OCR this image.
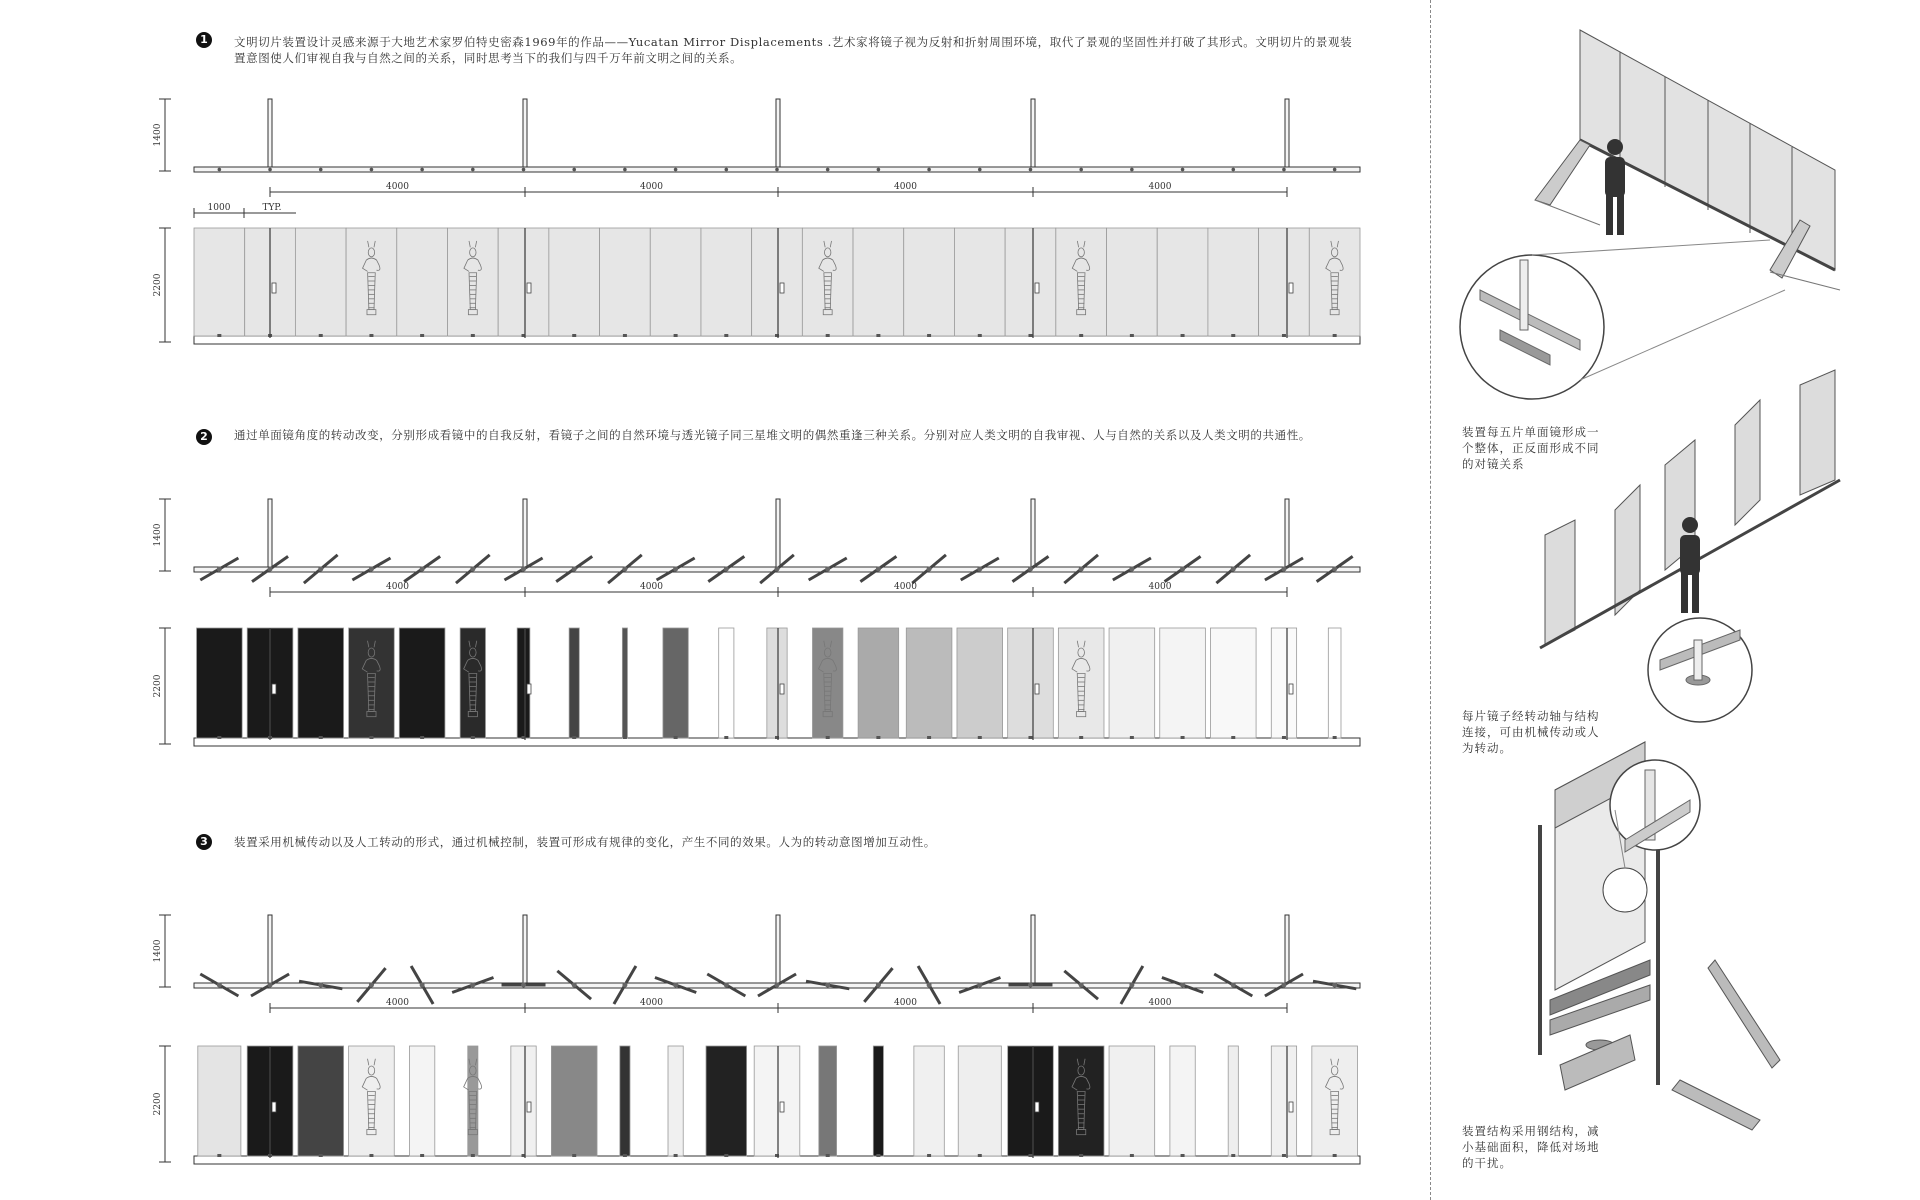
1	文明切片装置设计灵感来源于大地艺术家罗伯特史密森1969年的作品——Yucatan Mirror Displacements .艺术家将镜子视为反射和折射周围环境，取代了景观的坚固性并打破了其形式。文明切片的景观装置意图使人们审视自我与自然之间的关系，同时思考当下的我们与四千万年前文明之间的关系。
2	通过单面镜角度的转动改变，分别形成看镜中的自我反射，看镜子之间的自然环境与透光镜子同三星堆文明的偶然重逢三种关系。分别对应人类文明的自我审视、人与自然的关系以及人类文明的共通性。
3	装置采用机械传动以及人工转动的形式，通过机械控制，装置可形成有规律的变化，产生不同的效果。人为的转动意图增加互动性。
1400
4000	4000	4000	4000
1000	TYP.
2200
1400
4000	4000	4000	4000
2200
1400
4000	4000	4000	4000
2200
装置每五片单面镜形成一个整体，正反面形成不同的对镜关系
每片镜子经转动轴与结构连接，可由机械传动或人为转动。
装置结构采用钢结构，减小基础面积，降低对场地的干扰。
